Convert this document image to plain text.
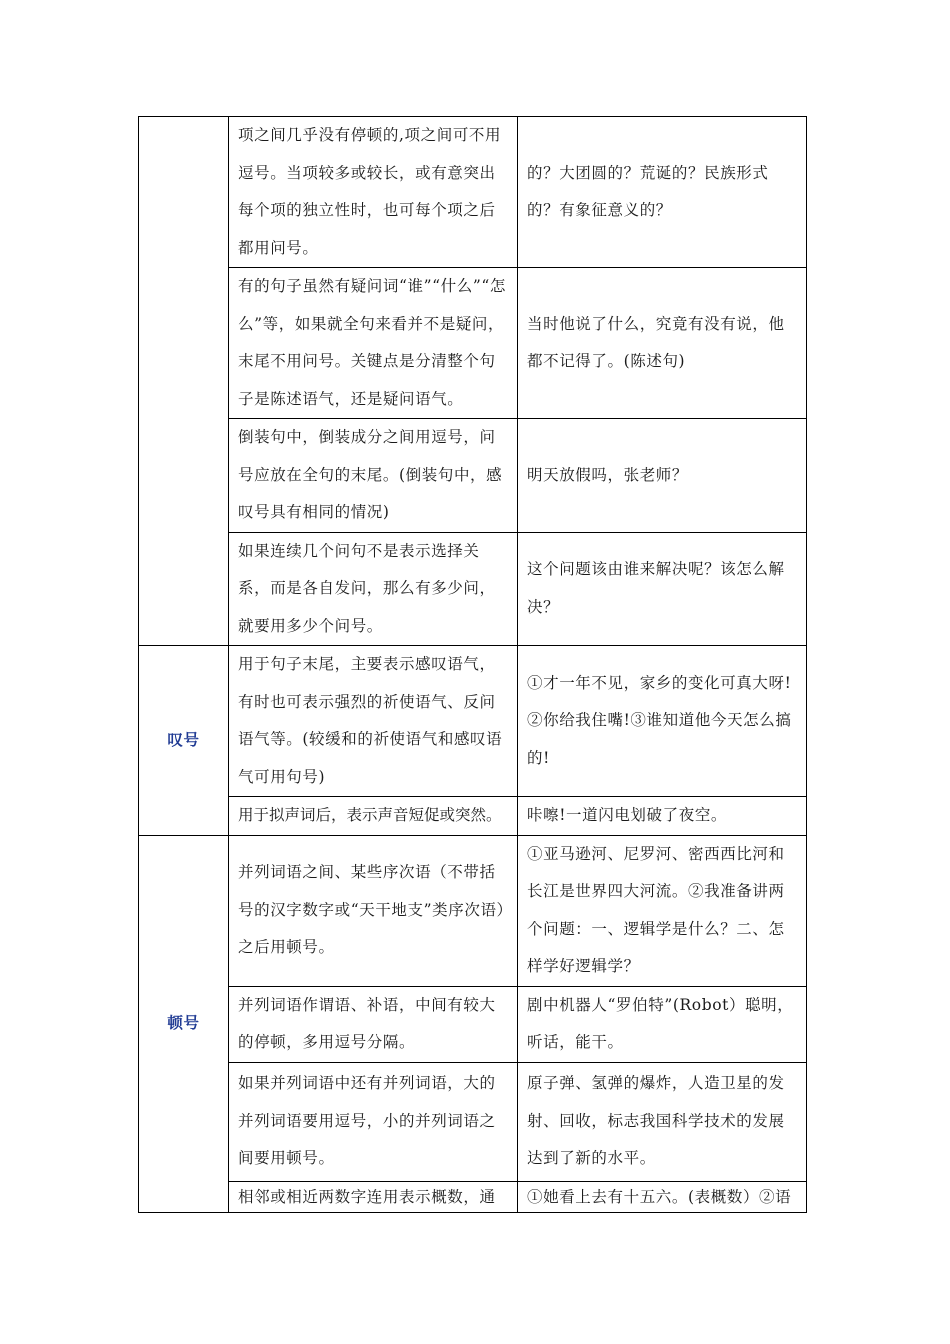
	项之间几乎没有停顿的,项之间可不用逗号。当项较多或较长，或有意突出每个项的独立性时，也可每个项之后都用问号。	的？大团圆的？荒诞的？民族形式的？有象征意义的？
	有的句子虽然有疑问词“谁”“什么”“怎么”等，如果就全句来看并不是疑问，末尾不用问号。关键点是分清整个句子是陈述语气，还是疑问语气。	当时他说了什么，究竟有没有说，他都不记得了。(陈述句)
	倒装句中，倒装成分之间用逗号，问号应放在全句的末尾。(倒装句中，感叹号具有相同的情况)	明天放假吗，张老师？
	如果连续几个问句不是表示选择关系，而是各自发问，那么有多少问，就要用多少个问号。	这个问题该由谁来解决呢？该怎么解决？
叹号	用于句子末尾，主要表示感叹语气，有时也可表示强烈的祈使语气、反问语气等。(较缓和的祈使语气和感叹语气可用句号)	①才一年不见，家乡的变化可真大呀!②你给我住嘴!③谁知道他今天怎么搞的!
	用于拟声词后，表示声音短促或突然。	咔嚓!一道闪电划破了夜空。
顿号	并列词语之间、某些序次语（不带括号的汉字数字或“天干地支”类序次语）之后用顿号。	①亚马逊河、尼罗河、密西西比河和长江是世界四大河流。②我准备讲两个问题：一、逻辑学是什么？二、怎样学好逻辑学？
	并列词语作谓语、补语，中间有较大的停顿，多用逗号分隔。	剧中机器人“罗伯特”(Robot）聪明，听话，能干。
	如果并列词语中还有并列词语，大的并列词语要用逗号，小的并列词语之间要用顿号。	原子弹、氢弹的爆炸，人造卫星的发射、回收，标志我国科学技术的发展达到了新的水平。
	相邻或相近两数字连用表示概数，通	①她看上去有十五六。(表概数）②语
